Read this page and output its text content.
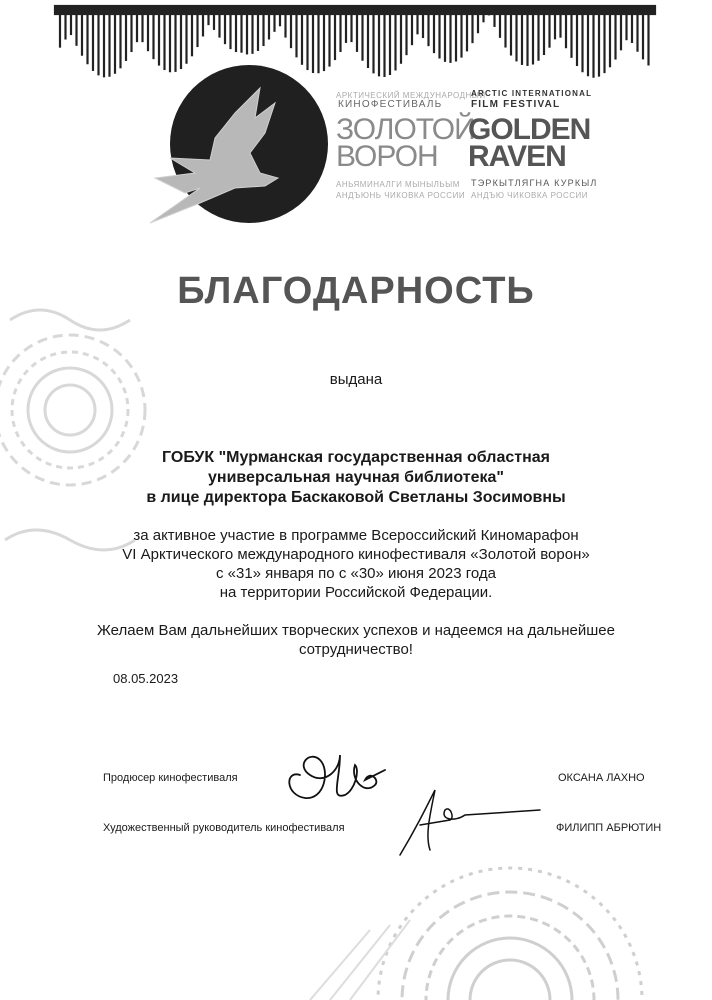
АРКТИЧЕСКИЙ МЕЖДУНАРОДНЫЙ
КИНОФЕСТИВАЛЬ
ARCTIC INTERNATIONAL
FILM FESTIVAL
ЗОЛОТОЙ
ВОРОН
GOLDEN
RAVEN
АНЬЯМИНАЛГИ МЫНЫЛЬЫМ
АНДЪЮНЬ ЧИКОВКА РОССИИ
ТЭРКЫТЛЯГНА КУРКЫЛ
АНДЪЮ ЧИКОВКА РОССИИ
БЛАГОДАРНОСТЬ
выдана
ГОБУК "Мурманская государственная областная
универсальная научная библиотека"
в лице директора Баскаковой Светланы Зосимовны
за активное участие в программе Всероссийский Киномарафон
VI Арктического международного кинофестиваля «Золотой ворон»
с «31» января по с «30» июня 2023 года
на территории Российской Федерации.
Желаем Вам дальнейших творческих успехов и надеемся на дальнейшее
сотрудничество!
08.05.2023
Продюсер кинофестиваля	ОКСАНА ЛАХНО
Художественный руководитель кинофестиваля	ФИЛИПП АБРЮТИН
